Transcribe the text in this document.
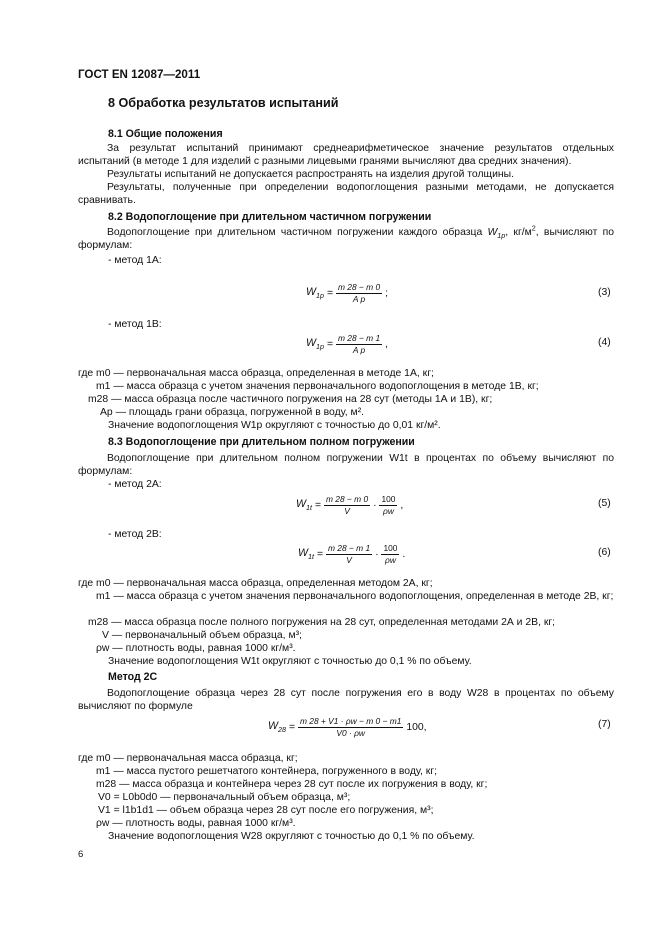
ГОСТ EN 12087—2011
8 Обработка результатов испытаний
8.1 Общие положения
За результат испытаний принимают среднеарифметическое значение результатов отдельных испытаний (в методе 1 для изделий с разными лицевыми гранями вычисляют два средних значения).
Результаты испытаний не допускается распространять на изделия другой толщины.
Результаты, полученные при определении водопоглощения разными методами, не допускается сравнивать.
8.2 Водопоглощение при длительном частичном погружении
Водопоглощение при длительном частичном погружении каждого образца $W_{1p}$, $кг/м^2$, вычисляют по формулам:
- метод 1А:
$W_{1p} = \frac{m 28 - m 0}{\text{A p}}$ ;	(3)
- метод 1В:
$W_{1p} = \frac{m 28 - m 1}{\text{A p}}$ ,	(4)
где m0 — первоначальная масса образца, определенная в методе 1А, кг;
m1 — масса образца с учетом значения первоначального водопоглощения в методе 1В, кг;
m28 — масса образца после частичного погружения на 28 сут (методы 1А и 1В), кг;
Ap — площадь грани образца, погруженной в воду, м².
Значение водопоглощения W1p округляют с точностью до 0,01 кг/м².
8.3 Водопоглощение при длительном полном погружении
Водопоглощение при длительном полном погружении W1t в процентах по объему вычисляют по формулам:
- метод 2А:
$W_{1t} = \frac{m 28 - m 0}{V} \cdot \frac{100}{\rho w}$ ,	(5)
- метод 2В:
$W_{1t} = \frac{m 28 - m 1}{V} \cdot \frac{100}{\rho w}$ .	(6)
где m0 — первоначальная масса образца, определенная методом 2А, кг;
m1 — масса образца с учетом значения первоначального водопоглощения, определенная в методе 2В, кг;
m28 — масса образца после полного погружения на 28 сут, определенная методами 2А и 2В, кг;
V — первоначальный объем образца, м³;
ρw — плотность воды, равная 1000 кг/м³.
Значение водопоглощения W1t округляют с точностью до 0,1 % по объему.
Метод 2С
Водопоглощение образца через 28 сут после погружения его в воду W28 в процентах по объему вычисляют по формуле
$W_{28} = \frac{m 28 + V1 \cdot \rho w - m 0 - m1}{V0 \cdot \rho w} 100$,	(7)
где m0 — первоначальная масса образца, кг;
m1 — масса пустого решетчатого контейнера, погруженного в воду, кг;
m28 — масса образца и контейнера через 28 сут после их погружения в воду, кг;
V0 = L0b0d0 — первоначальный объем образца, м³;
V1 = l1b1d1 — объем образца через 28 сут после его погружения, м³;
ρw — плотность воды, равная 1000 кг/м³.
Значение водопоглощения W28 округляют с точностью до 0,1 % по объему.
6
